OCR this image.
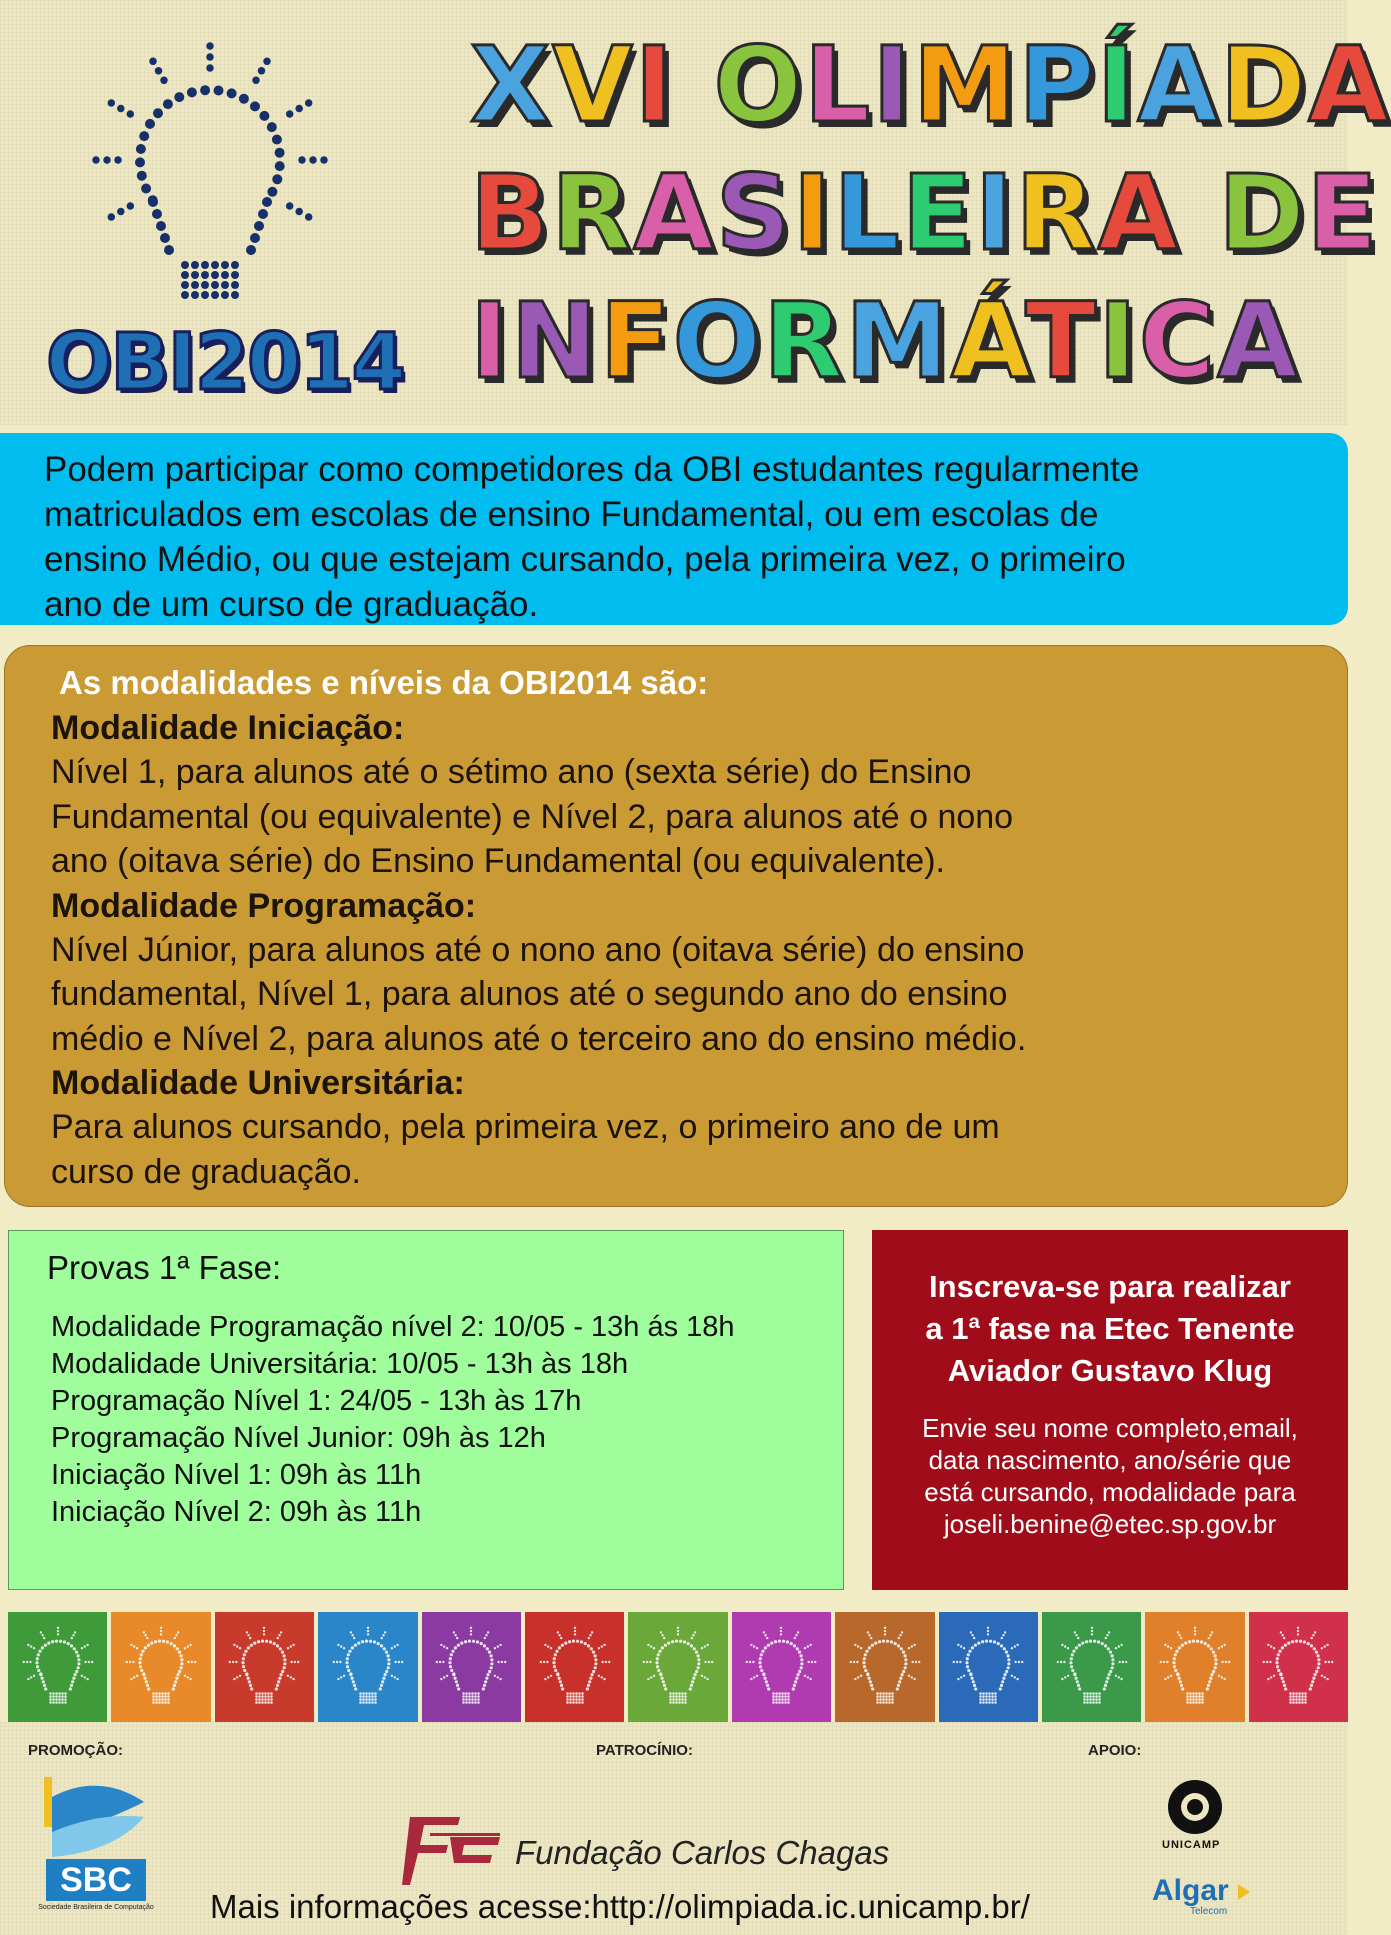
OBI2014
XVI OLIMPÍADA
BRASILEIRA DE
INFORMÁTICA
Podem participar como competidores da OBI estudantes regularmente
matriculados em escolas de ensino Fundamental, ou em escolas de
ensino Médio, ou que estejam cursando, pela primeira vez, o primeiro
ano de um curso de graduação.
As modalidades e níveis da OBI2014 são:
Modalidade Iniciação:
Nível 1, para alunos até o sétimo ano (sexta série) do Ensino
Fundamental (ou equivalente) e Nível 2, para alunos até o nono
ano (oitava série) do Ensino Fundamental (ou equivalente).
Modalidade Programação:
Nível Júnior, para alunos até o nono ano (oitava série) do ensino
fundamental, Nível 1, para alunos até o segundo ano do ensino
médio e Nível 2, para alunos até o terceiro ano do ensino médio.
Modalidade Universitária:
Para alunos cursando, pela primeira vez, o primeiro ano de um
curso de graduação.
Provas 1ª Fase:
Modalidade Programação nível 2: 10/05 - 13h ás 18h
Modalidade Universitária: 10/05 - 13h às 18h
Programação Nível 1: 24/05 - 13h às 17h
Programação Nível Junior: 09h às 12h
Iniciação Nível 1: 09h às 11h
Iniciação Nível 2: 09h às 11h
Inscreva-se para realizar
a 1ª fase na Etec Tenente
Aviador Gustavo Klug
Envie seu nome completo,email,
data nascimento, ano/série que
está cursando, modalidade para
joseli.benine@etec.sp.gov.br
PROMOÇÃO:	PATROCÍNIO:	APOIO:
SBC
Sociedade Brasileira de Computação
Fundação Carlos Chagas	UNICAMP
Algar
Telecom
Mais informações acesse:http://olimpiada.ic.unicamp.br/
